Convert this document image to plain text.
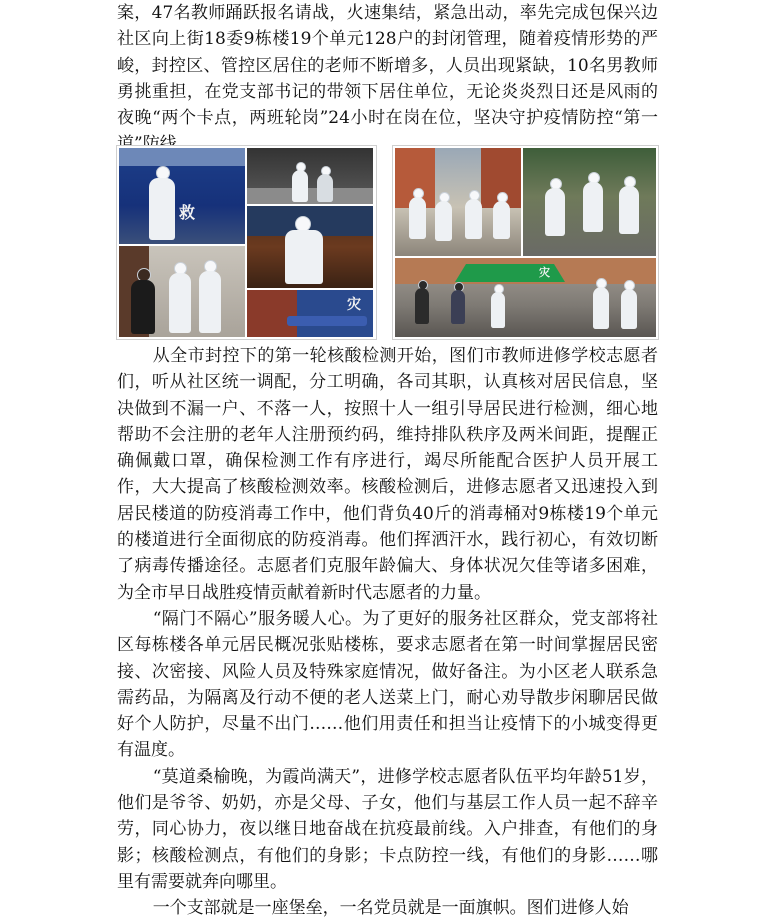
案，47名教师踊跃报名请战，火速集结，紧急出动，率先完成包保兴边社区向上街18委9栋楼19个单元128户的封闭管理，随着疫情形势的严峻，封控区、管控区居住的老师不断增多，人员出现紧缺，10名男教师勇挑重担，在党支部书记的带领下居住单位，无论炎炎烈日还是风雨的夜晚“两个卡点，两班轮岗”24小时在岗在位，坚决守护疫情防控“第一

救
灾
灾

从全市封控下的第一轮核酸检测开始，图们市教师进修学校志愿者们，听从社区统一调配，分工明确，各司其职，认真核对居民信息，坚决做到不漏一户、不落一人，按照十人一组引导居民进行检测，细心地帮助不会注册的老年人注册预约码，维持排队秩序及两米间距，提醒正确佩戴口罩，确保检测工作有序进行，竭尽所能配合医护人员开展工作，大大提高了核酸检测效率。核酸检测后，进修志愿者又迅速投入到居民楼道的防疫消毒工作中，他们背负40斤的消毒桶对9栋楼19个单元的楼道进行全面彻底的防疫消毒。他们挥洒汗水，践行初心，有效切断了病毒传播途径。志愿者们克服年龄偏大、身体状况欠佳等诸多困难，为全市早日战胜疫情贡献着新时代志愿者的力量。

“隔门不隔心”服务暖人心。为了更好的服务社区群众，党支部将社区每栋楼各单元居民概况张贴楼栋，要求志愿者在第一时间掌握居民密接、次密接、风险人员及特殊家庭情况，做好备注。为小区老人联系急需药品，为隔离及行动不便的老人送菜上门，耐心劝导散步闲聊居民做好个人防护，尽量不出门……他们用责任和担当让疫情下的小城变得更有温度。

“莫道桑榆晚，为霞尚满天”，进修学校志愿者队伍平均年龄51岁，他们是爷爷、奶奶，亦是父母、子女，他们与基层工作人员一起不辞辛劳，同心协力，夜以继日地奋战在抗疫最前线。入户排查，有他们的身影；核酸检测点，有他们的身影；卡点防控一线，有他们的身影……哪里有需要就奔向哪里。

一个支部就是一座堡垒，一名党员就是一面旗帜。图们进修人始
